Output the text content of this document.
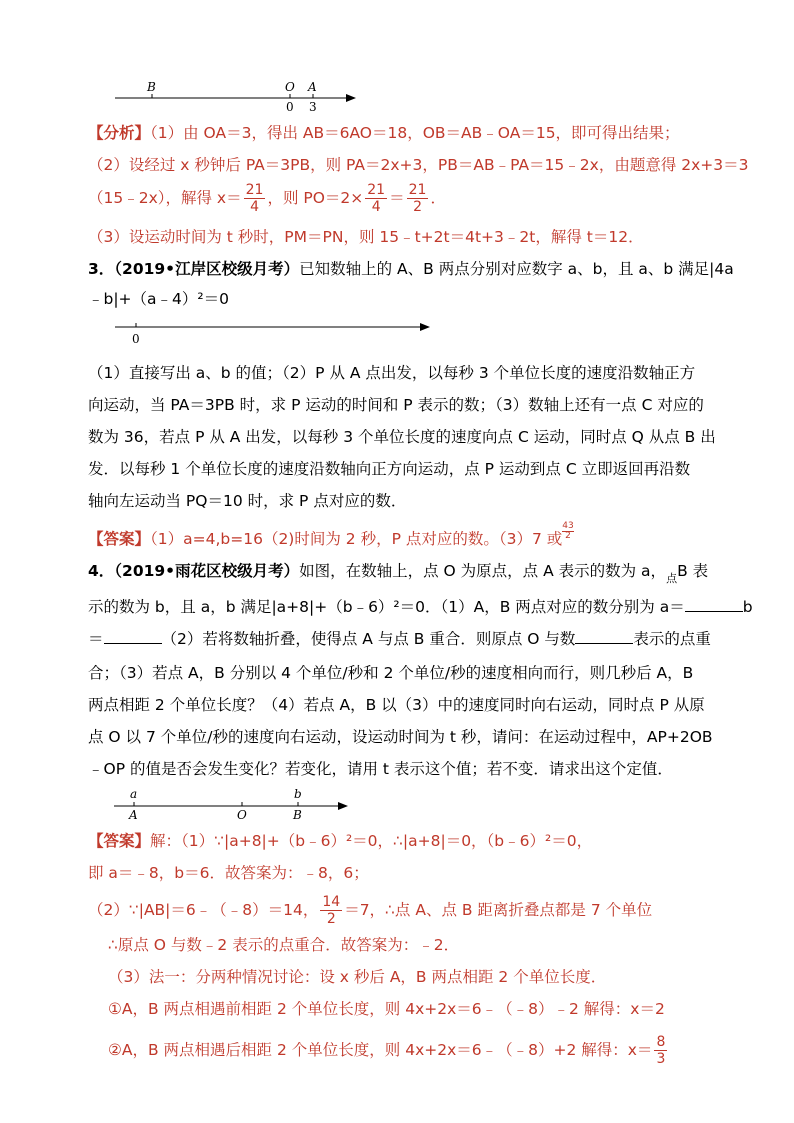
B	O A
0 3
【分析】（1）由 OA＝3，得出 AB＝6AO＝18，OB＝AB﹣OA＝15，即可得出结果；
（2）设经过 x 秒钟后 PA＝3PB，则 PA＝2x+3，PB＝AB﹣PA＝15﹣2x，由题意得 2x+3＝3
（15﹣2x），解得 $x= \frac{21}{4}$ ，则 $PO=2\times \frac{21}{4} = \frac{21}{2}$ ．
（3）设运动时间为 t 秒时，PM＝PN，则 15﹣t+2t＝4t+3﹣2t，解得 t＝12．
3．（2019•江岸区校级月考）已知数轴上的 A、B 两点分别对应数字 a、b，且 a、b 满足|4a
﹣b|+（a﹣4）²＝0
0
（1）直接写出 a、b 的值；（2）P 从 A 点出发，以每秒 3 个单位长度的速度沿数轴正方
向运动，当 PA＝3PB 时，求 P 运动的时间和 P 表示的数；（3）数轴上还有一点 C 对应的
数为 36，若点 P 从 A 出发，以每秒 3 个单位长度的速度向点 C 运动，同时点 Q 从点 B 出
发．以每秒 1 个单位长度的速度沿数轴向正方向运动，点 P 运动到点 C 立即返回再沿数
轴向左运动当 PQ＝10 时，求 P 点对应的数．
【答案】（1）a=4,b=16（2)时间为 2 秒，P 点对应的数。（3）7 或 $\frac{43}{2}$
4．（2019•雨花区校级月考）如图，在数轴上，点 O 为原点，点 A 表示的数为 a，$_点$B 表
示的数为 b，且 a，b 满足|a+8|+（b﹣6）²＝0．（1）A，B 两点对应的数分别为 a＝	b
＝	（2）若将数轴折叠，使得点 A 与点 B 重合．则原点 O 与数	表示的点重
合；（3）若点 A，B 分别以 4 个单位/秒和 2 个单位/秒的速度相向而行，则几秒后 A，B
两点相距 2 个单位长度？（4）若点 A，B 以（3）中的速度同时向右运动，同时点 P 从原
点 O 以 7 个单位/秒的速度向右运动，设运动时间为 t 秒，请问：在运动过程中，AP+2OB
﹣OP 的值是否会发生变化？若变化，请用 t 表示这个值；若不变．请求出这个定值．
a
A	O
b
B
【答案】解：（1）∵|a+8|+（b﹣6）²＝0，∴|a+8|＝0，（b﹣6）²＝0，
即 a＝﹣8，b＝6．故答案为：﹣8，6；
（2）∵|AB|＝6﹣（﹣8）＝14， $\frac{14}{2} =7$，∴点 A、点 B 距离折叠点都是 7 个单位
∴原点 O 与数﹣2 表示的点重合．故答案为：﹣2．
（3）法一：分两种情况讨论：设 x 秒后 A，B 两点相距 2 个单位长度．
①A，B 两点相遇前相距 2 个单位长度，则 4x+2x＝6﹣（﹣8）﹣2 解得：x＝2
②A，B 两点相遇后相距 2 个单位长度，则 4x+2x＝6﹣（﹣8）+2 解得：$x= \frac{8}{3}$
